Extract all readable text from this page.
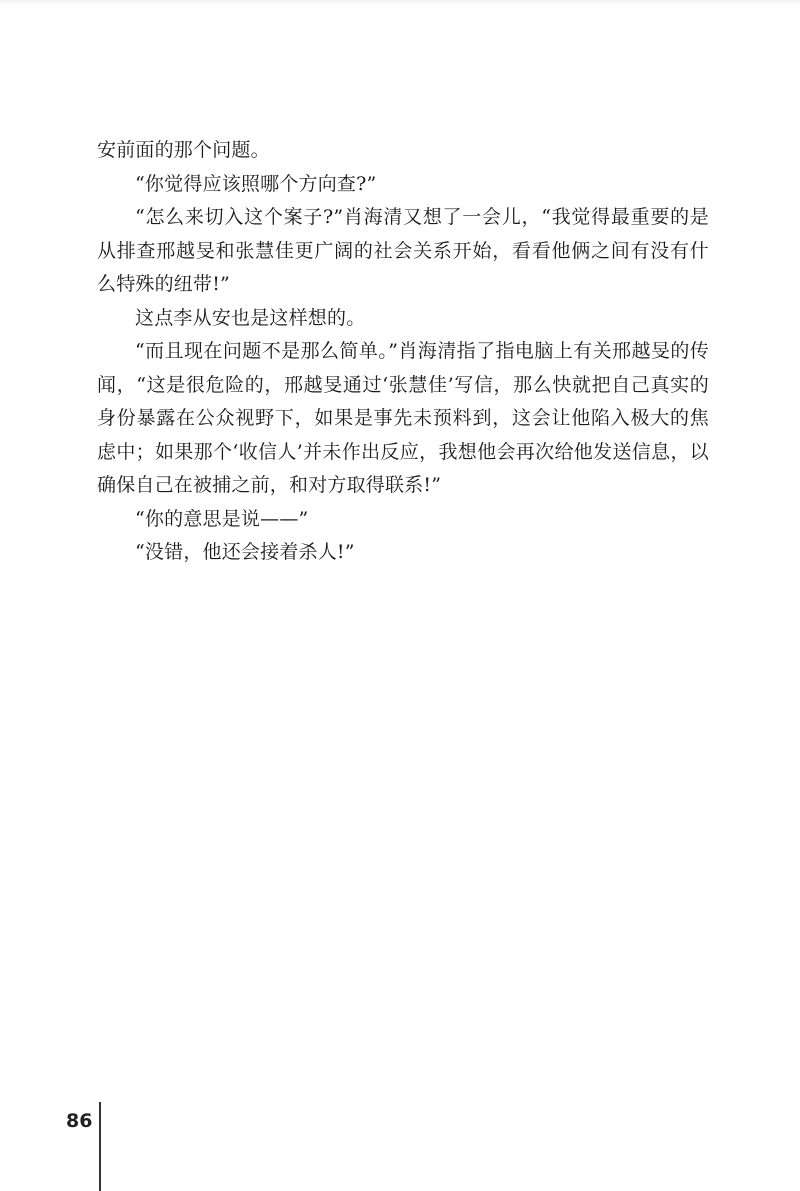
安前面的那个问题。

“你觉得应该照哪个方向查?”

“怎么来切入这个案子?”肖海清又想了一会儿，“我觉得最重要的是从排查邢越旻和张慧佳更广阔的社会关系开始，看看他俩之间有没有什么特殊的纽带!”

这点李从安也是这样想的。

“而且现在问题不是那么简单。”肖海清指了指电脑上有关邢越旻的传闻，“这是很危险的，邢越旻通过‘张慧佳’写信，那么快就把自己真实的身份暴露在公众视野下，如果是事先未预料到，这会让他陷入极大的焦虑中；如果那个‘收信人’并未作出反应，我想他会再次给他发送信息，以确保自己在被捕之前，和对方取得联系!”

“你的意思是说——”

“没错，他还会接着杀人!”

86
